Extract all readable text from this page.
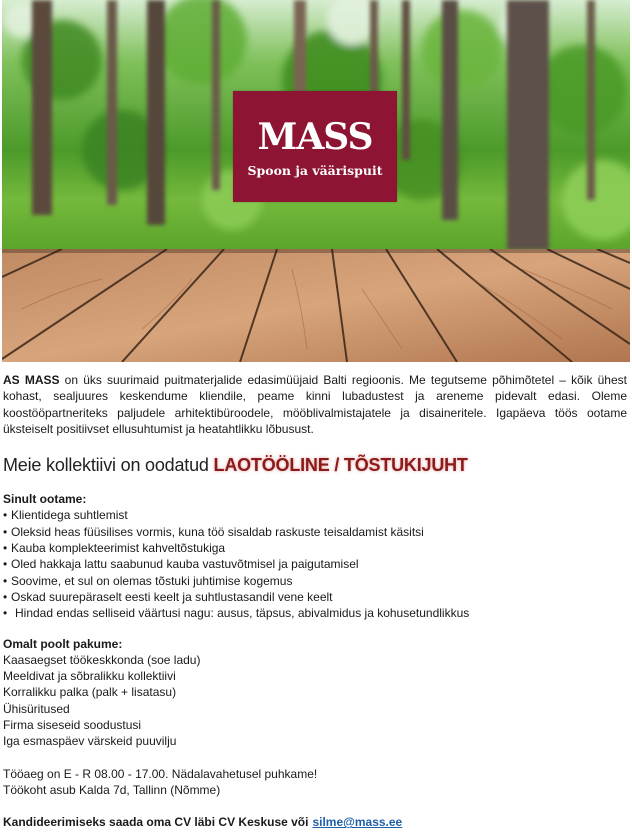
MASS
Spoon ja väärispuit

AS MASS on üks suurimaid puitmaterjalide edasimüüjaid Balti regioonis. Me tegutseme põhimõtetel – kõik ühest kohast, sealjuures keskendume kliendile, peame kinni lubadustest ja areneme pidevalt edasi. Oleme koostööpartneriteks paljudele arhitektibüroodele, mööblivalmistajatele ja disaineritele. Igapäeva töös ootame üksteiselt positiivset ellusuhtumist ja heatahtlikku lõbusust.

Meie kollektiivi on oodatud LAOTÖÖLINE / TÕSTUKIJUHT
Sinult ootame:
• Klientidega suhtlemist
• Oleksid heas füüsilises vormis, kuna töö sisaldab raskuste teisaldamist käsitsi
• Kauba komplekteerimist kahveltõstukiga
• Oled hakkaja lattu saabunud kauba vastuvõtmisel ja paigutamisel
• Soovime, et sul on olemas tõstuki juhtimise kogemus
• Oskad suurepäraselt eesti keelt ja suhtlustasandil vene keelt
• Hindad endas selliseid väärtusi nagu: ausus, täpsus, abivalmidus ja kohusetundlikkus
Omalt poolt pakume:
Kaasaegset töökeskkonda (soe ladu)
Meeldivat ja sõbralikku kollektiivi
Korralikku palka (palk + lisatasu)
Ühisüritused
Firma siseseid soodustusi
Iga esmaspäev värskeid puuvilju
Tööaeg on E - R 08.00 - 17.00. Nädalavahetusel puhkame!
Töökoht asub Kalda 7d, Tallinn (Nõmme)
Kandideerimiseks saada oma CV läbi CV Keskuse või silme@mass.ee
